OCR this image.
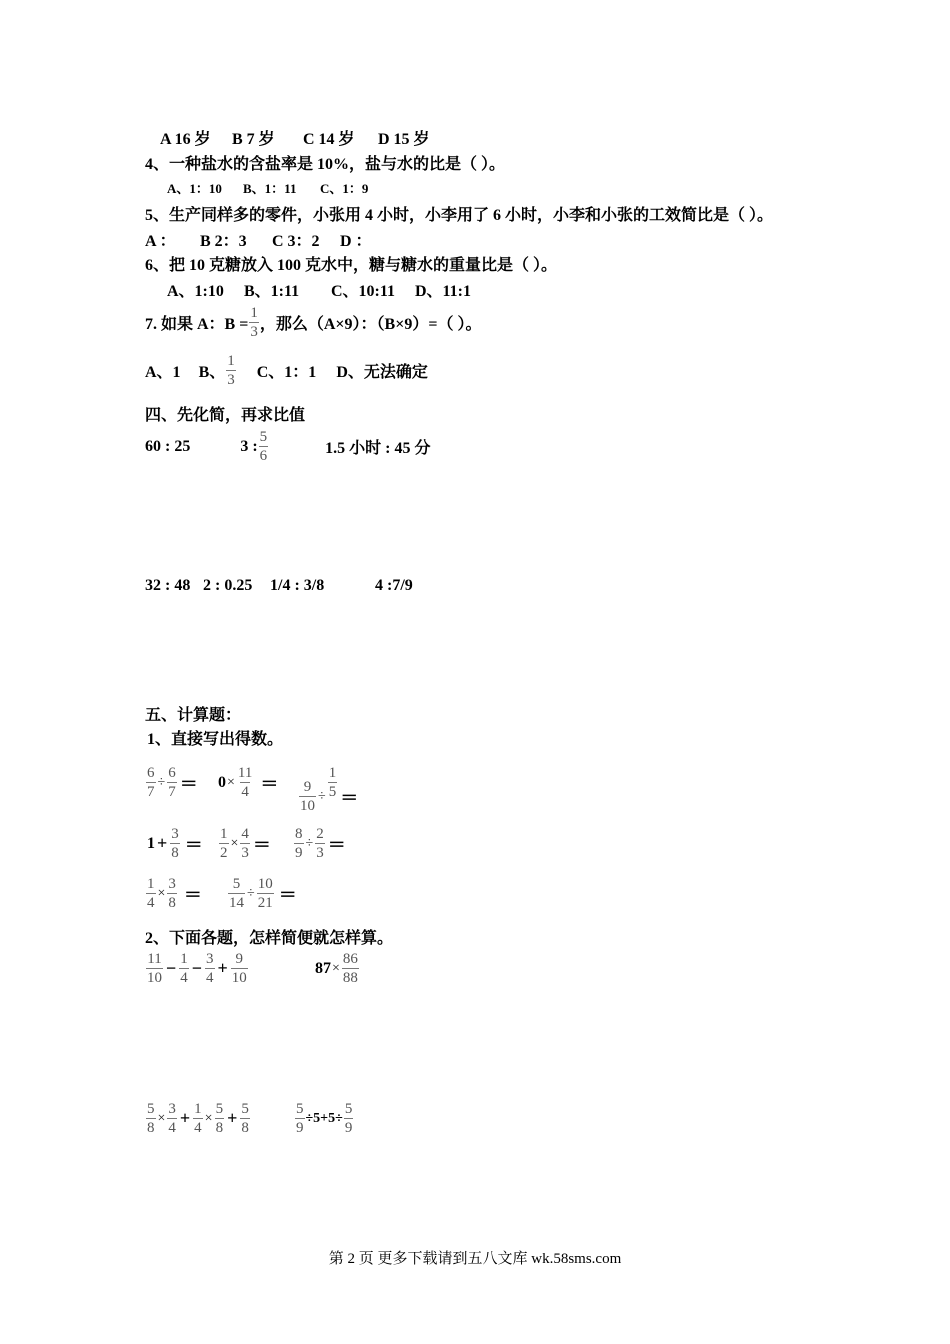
A 16 岁 B 7 岁 C 14 岁 D 15 岁
4、一种盐水的含盐率是 10%，盐与水的比是（ ）。
A、1：10 B、1：11 C、1：9
5、生产同样多的零件，小张用 4 小时，小李用了 6 小时，小李和小张的工效简比是（ ）。
A ： B 2：3 C 3：2 D ：
6、把 10 克糖放入 100 克水中，糖与糖水的重量比是（ ）。
A、1:10 B、1:11 C、10:11 D、11:1
7. 如果 A：$B = \frac{1}{3}$ ，那么（A×9）：（B×9）=（ ）。
A、1 B、 $\frac{1}{3}$ C、1：1 D、无法确定
四、先化简，再求比值
60 : 25	3 : $\frac{5}{6}$	1.5 小时 : 45 分
32 : 48 2 : 0.25 1/4 : 3/8	4 :7/9
五、计算题：
1、直接写出得数。
$\frac{6}{7} \div \frac{6}{7} = 0 \times \frac{11}{4} = \frac{9}{10} \div \frac{1}{5}$ ＝
$1 + \frac{3}{8} = \frac{1}{2} \times \frac{4}{3} = \frac{8}{9} \div \frac{2}{3}$ ＝
$\frac{1}{4} \times \frac{3}{8} = \frac{5}{14} \div \frac{10}{21}$ ＝
2、下面各题，怎样简便就怎样算。
$\frac{11}{10} - \frac{1}{4} - \frac{3}{4} + \frac{9}{10}$	$87 \times \frac{86}{88}$
$\frac{5}{8} \times \frac{3}{4} + \frac{1}{4} \times \frac{5}{8} + \frac{5}{8}$	$\frac{5}{9} \div 5+5\div \frac{5}{9}$
第 2 页 更多下载请到五八文库 wk.58sms.com
